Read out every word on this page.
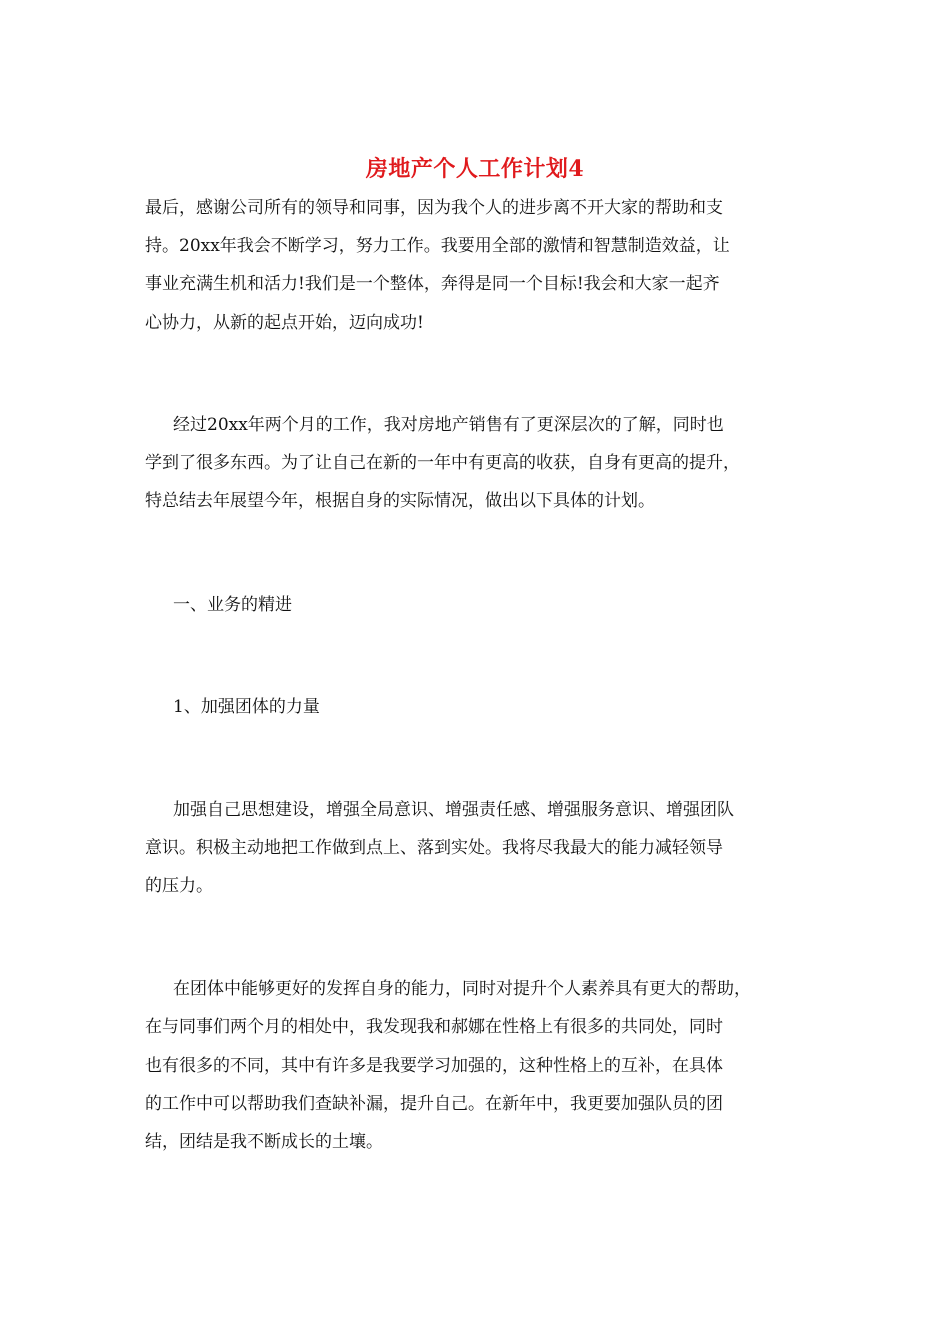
房地产个人工作计划4
最后，感谢公司所有的领导和同事，因为我个人的进步离不开大家的帮助和支
持。20xx年我会不断学习，努力工作。我要用全部的激情和智慧制造效益，让
事业充满生机和活力!我们是一个整体，奔得是同一个目标!我会和大家一起齐
心协力，从新的起点开始，迈向成功!
经过20xx年两个月的工作，我对房地产销售有了更深层次的了解，同时也
学到了很多东西。为了让自己在新的一年中有更高的收获，自身有更高的提升，
特总结去年展望今年，根据自身的实际情况，做出以下具体的计划。
一、业务的精进
1、加强团体的力量
加强自己思想建设，增强全局意识、增强责任感、增强服务意识、增强团队
意识。积极主动地把工作做到点上、落到实处。我将尽我最大的能力减轻领导
的压力。
在团体中能够更好的发挥自身的能力，同时对提升个人素养具有更大的帮助，
在与同事们两个月的相处中，我发现我和郝娜在性格上有很多的共同处，同时
也有很多的不同，其中有许多是我要学习加强的，这种性格上的互补，在具体
的工作中可以帮助我们查缺补漏，提升自己。在新年中，我更要加强队员的团
结，团结是我不断成长的土壤。
